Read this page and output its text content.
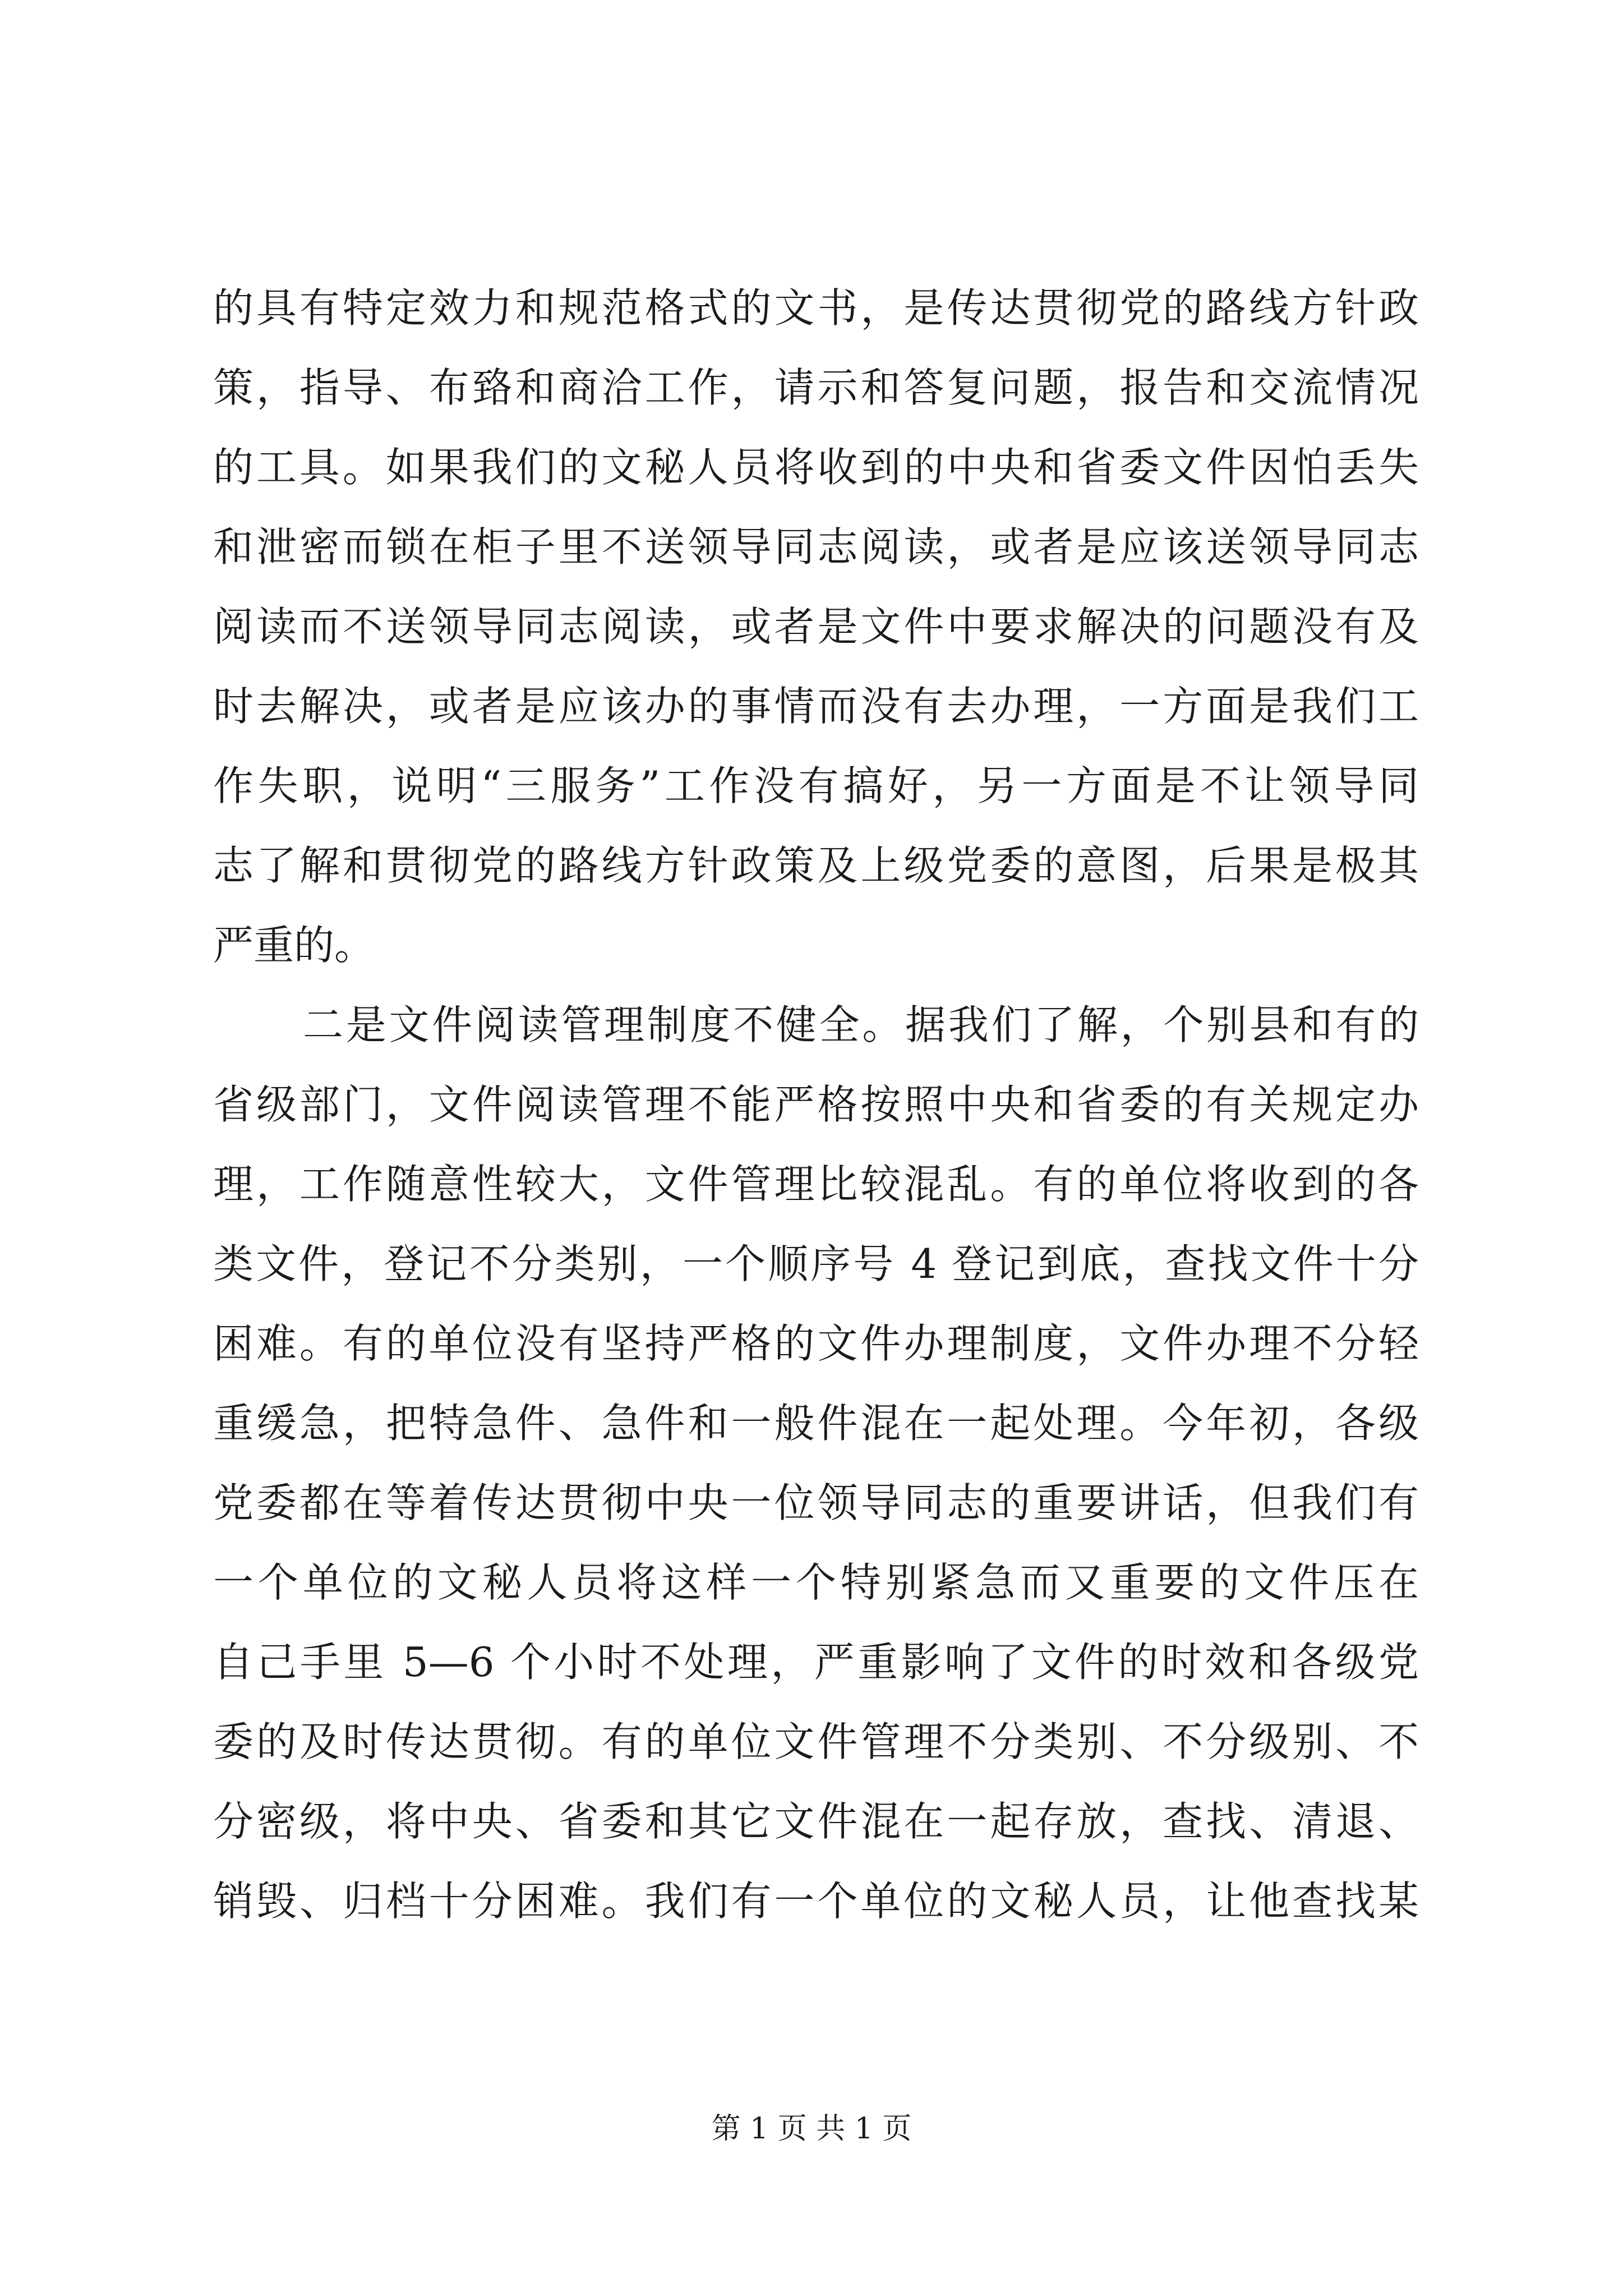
的具有特定效力和规范格式的文书，是传达贯彻党的路线方针政
策，指导、布臵和商洽工作，请示和答复问题，报告和交流情况
的工具。如果我们的文秘人员将收到的中央和省委文件因怕丢失
和泄密而锁在柜子里不送领导同志阅读，或者是应该送领导同志
阅读而不送领导同志阅读，或者是文件中要求解决的问题没有及
时去解决，或者是应该办的事情而没有去办理，一方面是我们工
作失职，说明“三服务”工作没有搞好，另一方面是不让领导同
志了解和贯彻党的路线方针政策及上级党委的意图，后果是极其
严重的。
二是文件阅读管理制度不健全。据我们了解，个别县和有的
省级部门，文件阅读管理不能严格按照中央和省委的有关规定办
理，工作随意性较大，文件管理比较混乱。有的单位将收到的各
类文件，登记不分类别，一个顺序号 4 登记到底，查找文件十分
困难。有的单位没有坚持严格的文件办理制度，文件办理不分轻
重缓急，把特急件、急件和一般件混在一起处理。今年初，各级
党委都在等着传达贯彻中央一位领导同志的重要讲话，但我们有
一个单位的文秘人员将这样一个特别紧急而又重要的文件压在
自己手里 5—6 个小时不处理，严重影响了文件的时效和各级党
委的及时传达贯彻。有的单位文件管理不分类别、不分级别、不
分密级，将中央、省委和其它文件混在一起存放，查找、清退、
销毁、归档十分困难。我们有一个单位的文秘人员，让他查找某
第 1 页 共 1 页
